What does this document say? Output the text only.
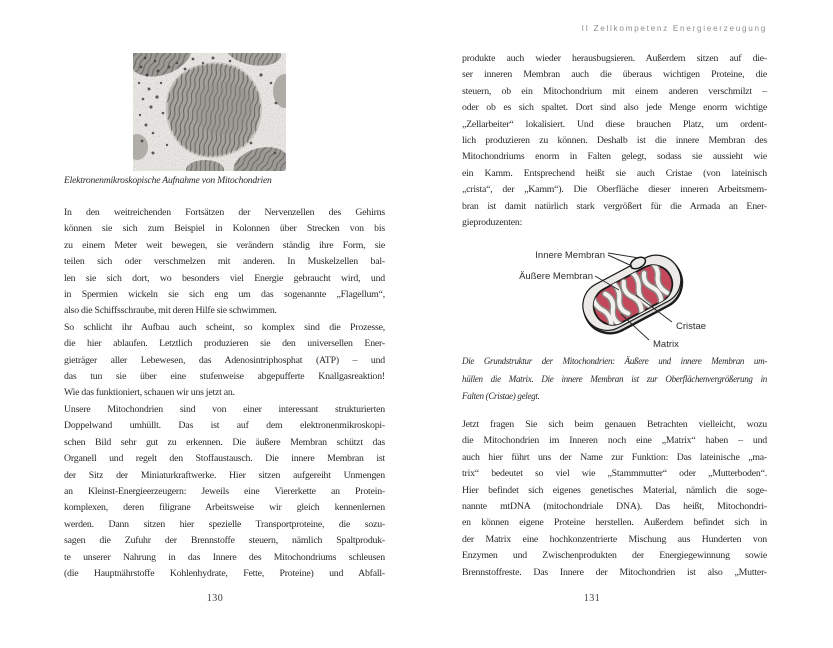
Elektronenmikroskopische Aufnahme von Mitochondrien
In den weitreichenden Fortsätzen der Nervenzellen des Gehirns
können sie sich zum Beispiel in Kolonnen über Strecken von bis
zu einem Meter weit bewegen, sie verändern ständig ihre Form, sie
teilen sich oder verschmelzen mit anderen. In Muskelzellen bal-
len sie sich dort, wo besonders viel Energie gebraucht wird, und
in Spermien wickeln sie sich eng um das sogenannte „Flagellum“,
also die Schiffsschraube, mit deren Hilfe sie schwimmen.
So schlicht ihr Aufbau auch scheint, so komplex sind die Prozesse,
die hier ablaufen. Letztlich produzieren sie den universellen Ener-
gieträger aller Lebewesen, das Adenosintriphosphat (ATP) – und
das tun sie über eine stufenweise abgepufferte Knallgasreaktion!
Wie das funktioniert, schauen wir uns jetzt an.
Unsere Mitochondrien sind von einer interessant strukturierten
Doppelwand umhüllt. Das ist auf dem elektronenmikroskopi-
schen Bild sehr gut zu erkennen. Die äußere Membran schützt das
Organell und regelt den Stoffaustausch. Die innere Membran ist
der Sitz der Miniaturkraftwerke. Hier sitzen aufgereiht Unmengen
an Kleinst-Energieerzeugern: Jeweils eine Viererkette an Protein-
komplexen, deren filigrane Arbeitsweise wir gleich kennenlernen
werden. Dann sitzen hier spezielle Transportproteine, die sozu-
sagen die Zufuhr der Brennstoffe steuern, nämlich Spaltproduk-
te unserer Nahrung in das Innere des Mitochondriums schleusen
(die Hauptnährstoffe Kohlenhydrate, Fette, Proteine) und Abfall-
130
II Zellkompetenz Energieerzeugung
produkte auch wieder herausbugsieren. Außerdem sitzen auf die-
ser inneren Membran auch die überaus wichtigen Proteine, die
steuern, ob ein Mitochondrium mit einem anderen verschmilzt –
oder ob es sich spaltet. Dort sind also jede Menge enorm wichtige
„Zellarbeiter“ lokalisiert. Und diese brauchen Platz, um ordent-
lich produzieren zu können. Deshalb ist die innere Membran des
Mitochondriums enorm in Falten gelegt, sodass sie aussieht wie
ein Kamm. Entsprechend heißt sie auch Cristae (von lateinisch
„crista“, der „Kamm“). Die Oberfläche dieser inneren Arbeitsmem-
bran ist damit natürlich stark vergrößert für die Armada an Ener-
gieproduzenten:
Innere Membran
Äußere Membran
Cristae
Matrix
Die Grundstruktur der Mitochondrien: Äußere und innere Membran um-
hüllen die Matrix. Die innere Membran ist zur Oberflächenvergrößerung in
Falten (Cristae) gelegt.
Jetzt fragen Sie sich beim genauen Betrachten vielleicht, wozu
die Mitochondrien im Inneren noch eine „Matrix“ haben – und
auch hier führt uns der Name zur Funktion: Das lateinische „ma-
trix“ bedeutet so viel wie „Stammmutter“ oder „Mutterboden“.
Hier befindet sich eigenes genetisches Material, nämlich die soge-
nannte mtDNA (mitochondriale DNA). Das heißt, Mitochondri-
en können eigene Proteine herstellen. Außerdem befindet sich in
der Matrix eine hochkonzentrierte Mischung aus Hunderten von
Enzymen und Zwischenprodukten der Energiegewinnung sowie
Brennstoffreste. Das Innere der Mitochondrien ist also „Mutter-
131
